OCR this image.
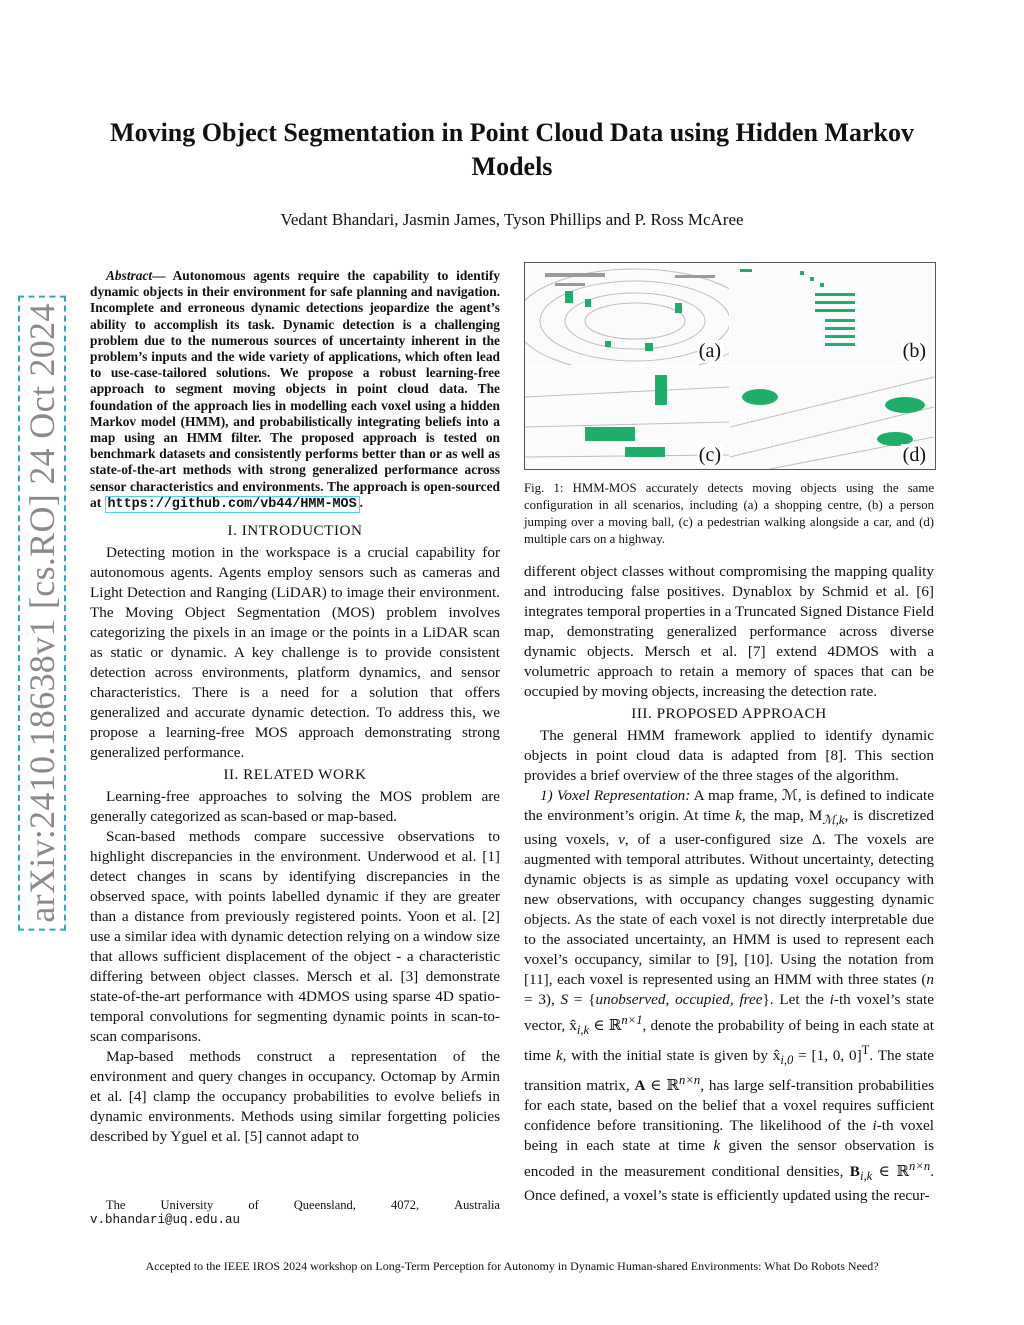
arXiv:2410.18638v1 [cs.RO] 24 Oct 2024
Moving Object Segmentation in Point Cloud Data using Hidden Markov Models
Vedant Bhandari, Jasmin James, Tyson Phillips and P. Ross McAree

Abstract— Autonomous agents require the capability to identify dynamic objects in their environment for safe planning and navigation. Incomplete and erroneous dynamic detections jeopardize the agent’s ability to accomplish its task. Dynamic detection is a challenging problem due to the numerous sources of uncertainty inherent in the problem’s inputs and the wide variety of applications, which often lead to use-case-tailored solutions. We propose a robust learning-free approach to segment moving objects in point cloud data. The foundation of the approach lies in modelling each voxel using a hidden Markov model (HMM), and probabilistically integrating beliefs into a map using an HMM filter. The proposed approach is tested on benchmark datasets and consistently performs better than or as well as state-of-the-art methods with strong generalized performance across sensor characteristics and environments. The approach is open-sourced at https://github.com/vb44/HMM-MOS .

I. INTRODUCTION

Detecting motion in the workspace is a crucial capability for autonomous agents. Agents employ sensors such as cameras and Light Detection and Ranging (LiDAR) to image their environment. The Moving Object Segmentation (MOS) problem involves categorizing the pixels in an image or the points in a LiDAR scan as static or dynamic. A key challenge is to provide consistent detection across environments, platform dynamics, and sensor characteristics. There is a need for a solution that offers generalized and accurate dynamic detection. To address this, we propose a learning-free MOS approach demonstrating strong generalized performance.

II. RELATED WORK

Learning-free approaches to solving the MOS problem are generally categorized as scan-based or map-based.

Scan-based methods compare successive observations to highlight discrepancies in the environment. Underwood et al. [1] detect changes in scans by identifying discrepancies in the observed space, with points labelled dynamic if they are greater than a distance from previously registered points. Yoon et al. [2] use a similar idea with dynamic detection relying on a window size that allows sufficient displacement of the object - a characteristic differing between object classes. Mersch et al. [3] demonstrate state-of-the-art performance with 4DMOS using sparse 4D spatio-temporal convolutions for segmenting dynamic points in scan-to-scan comparisons.

Map-based methods construct a representation of the environment and query changes in occupancy. Octomap by Armin et al. [4] clamp the occupancy probabilities to evolve beliefs in dynamic environments. Methods using similar forgetting policies described by Yguel et al. [5] cannot adapt to

The	University	of	Queensland,	4072,	Australia
v.bhandari@uq.edu.au
(a)	(b)
(c)	(d)
Fig. 1: HMM-MOS accurately detects moving objects using the same configuration in all scenarios, including (a) a shopping centre, (b) a person jumping over a moving ball, (c) a pedestrian walking alongside a car, and (d) multiple cars on a highway.

different object classes without compromising the mapping quality and introducing false positives. Dynablox by Schmid et al. [6] integrates temporal properties in a Truncated Signed Distance Field map, demonstrating generalized performance across diverse dynamic objects. Mersch et al. [7] extend 4DMOS with a volumetric approach to retain a memory of spaces that can be occupied by moving objects, increasing the detection rate.

III. PROPOSED APPROACH

The general HMM framework applied to identify dynamic objects in point cloud data is adapted from [8]. This section provides a brief overview of the three stages of the algorithm.

1) Voxel Representation: A map frame, ℳ, is defined to indicate the environment’s origin. At time k, the map, $M_{ℳ,k}$, is discretized using voxels, v, of a user-configured size Δ. The voxels are augmented with temporal attributes. Without uncertainty, detecting dynamic objects is as simple as updating voxel occupancy with new observations, with occupancy changes suggesting dynamic objects. As the state of each voxel is not directly interpretable due to the associated uncertainty, an HMM is used to represent each voxel’s occupancy, similar to [9], [10]. Using the notation from [11], each voxel is represented using an HMM with three states (n = 3), S = {unobserved, occupied, free}. Let the i-th voxel’s state vector, $x̂_{i,k}$ ∈ ℝ$^{n\times 1}$, denote the probability of being in each state at time k, with the initial state is given by $x̂_{i,0} = [1$, 0, 0]$^T$. The state transition matrix, A ∈ ℝ$^{n\times n}$, has large self-transition probabilities for each state, based on the belief that a voxel requires sufficient confidence before transitioning. The likelihood of the i-th voxel being in each state at time k given the sensor observation is encoded in the measurement conditional densities, $B_{i,k}$ ∈ ℝ$^{n\times n}$. Once defined, a voxel’s state is efficiently updated using the recur-

Accepted to the IEEE IROS 2024 workshop on Long-Term Perception for Autonomy in Dynamic Human-shared Environments: What Do Robots Need?
